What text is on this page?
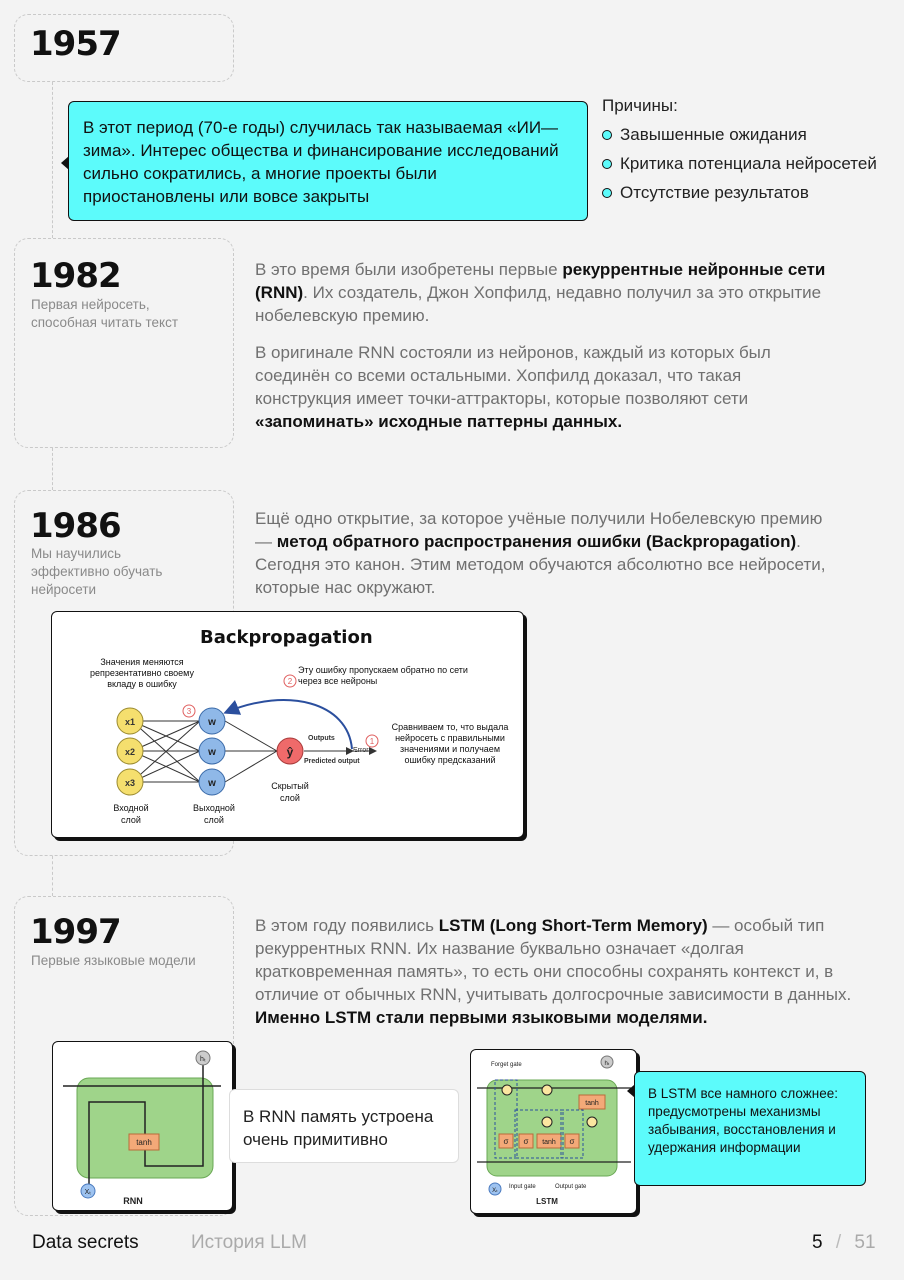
1957
В этот период (70-е годы) случилась так называемая «ИИ—зима». Интерес общества и финансирование исследований сильно сократились, а многие проекты были приостановлены или вовсе закрыты
Причины:
Завышенные ожидания
Критика потенциала нейросетей
Отсутствие результатов
1982
Первая нейросеть, способная читать текст
В это время были изобретены первые рекуррентные нейронные сети (RNN). Их создатель, Джон Хопфилд, недавно получил за это открытие нобелевскую премию.
В оригинале RNN состояли из нейронов, каждый из которых был соединён со всеми остальными. Хопфилд доказал, что такая конструкция имеет точки-аттракторы, которые позволяют сети «запоминать» исходные паттерны данных.
1986
Мы научились эффективно обучать нейросети
Ещё одно открытие, за которое учёные получили Нобелевскую премию — метод обратного распространения ошибки (Backpropagation). Сегодня это канон. Этим методом обучаются абсолютно все нейросети, которые нас окружают.
Backpropagation
x1
x2
x3
w
w
w
ŷ
3
2
1
Outputs
Predicted output
Error
Значения меняются репрезентативно своему вкладу в ошибку
Эту ошибку пропускаем обратно по сети через все нейроны
Сравниваем то, что выдала нейросеть с правильными значениями и получаем ошибку предсказаний
Входной слой
Выходной слой
Скрытый слой
1997
Первые языковые модели
В этом году появились LSTM (Long Short-Term Memory) — особый тип рекуррентных RNN. Их название буквально означает «долгая кратковременная память», то есть они способны сохранять контекст и, в отличие от обычных RNN, учитывать долгосрочные зависимости в данных. Именно LSTM стали первыми языковыми моделями.
tanh
hₜ
Xₜ
RNN
В RNN память устроена очень примитивно	σ σ tanh σ
tanh
hₜ
Xₜ
Forget gate
Input gate	Output gate
LSTM
В LSTM все намного сложнее: предусмотрены механизмы забывания, восстановления и удержания информации
Data secrets	История LLM	5 / 51
